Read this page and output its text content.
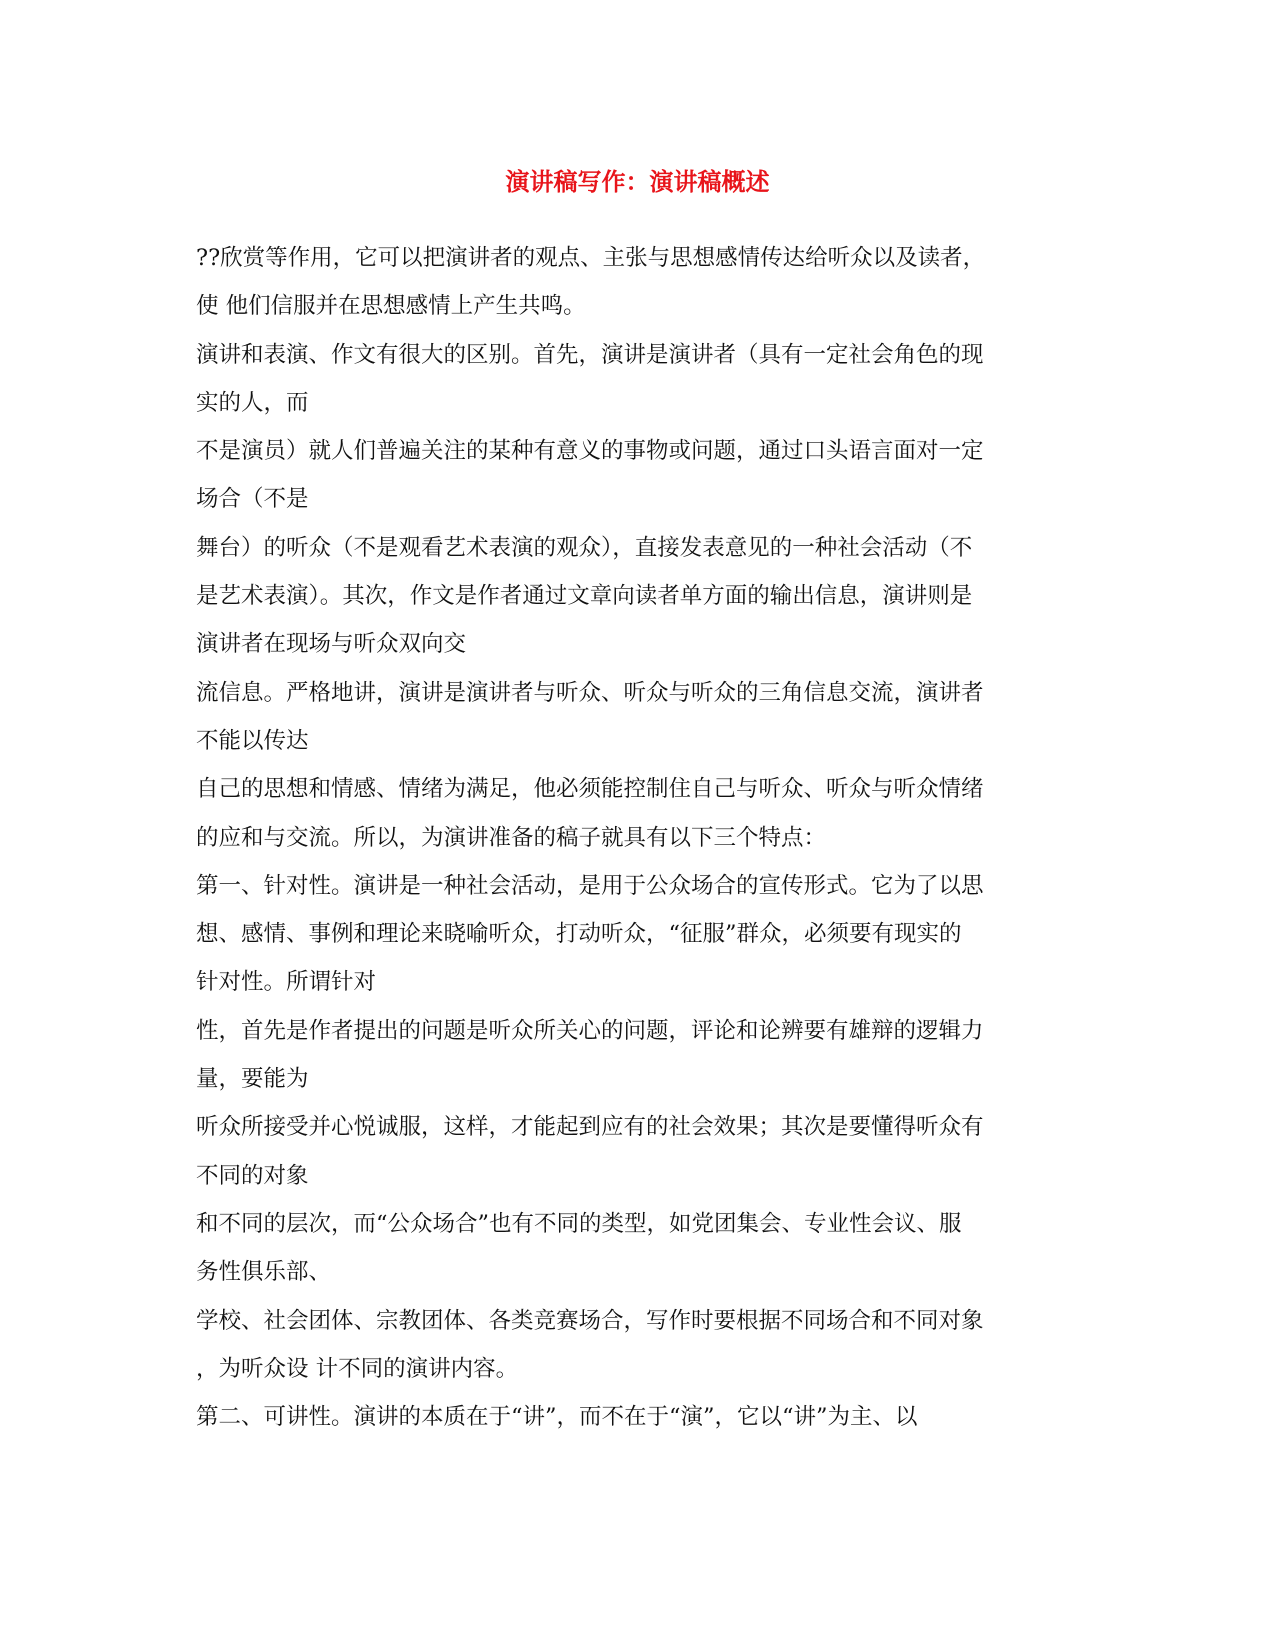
演讲稿写作：演讲稿概述
??欣赏等作用，它可以把演讲者的观点、主张与思想感情传达给听众以及读者，
使 他们信服并在思想感情上产生共鸣。
演讲和表演、作文有很大的区别。首先，演讲是演讲者（具有一定社会角色的现
实的人，而
不是演员）就人们普遍关注的某种有意义的事物或问题，通过口头语言面对一定
场合（不是
舞台）的听众（不是观看艺术表演的观众），直接发表意见的一种社会活动（不
是艺术表演）。其次，作文是作者通过文章向读者单方面的输出信息，演讲则是
演讲者在现场与听众双向交
流信息。严格地讲，演讲是演讲者与听众、听众与听众的三角信息交流，演讲者
不能以传达
自己的思想和情感、情绪为满足，他必须能控制住自己与听众、听众与听众情绪
的应和与交流。所以，为演讲准备的稿子就具有以下三个特点：
第一、针对性。演讲是一种社会活动，是用于公众场合的宣传形式。它为了以思
想、感情、事例和理论来晓喻听众，打动听众，“征服”群众，必须要有现实的
针对性。所谓针对
性，首先是作者提出的问题是听众所关心的问题，评论和论辨要有雄辩的逻辑力
量，要能为
听众所接受并心悦诚服，这样，才能起到应有的社会效果；其次是要懂得听众有
不同的对象
和不同的层次，而“公众场合”也有不同的类型，如党团集会、专业性会议、服
务性俱乐部、
学校、社会团体、宗教团体、各类竞赛场合，写作时要根据不同场合和不同对象
，为听众设 计不同的演讲内容。
第二、可讲性。演讲的本质在于“讲”，而不在于“演”，它以“讲”为主、以
